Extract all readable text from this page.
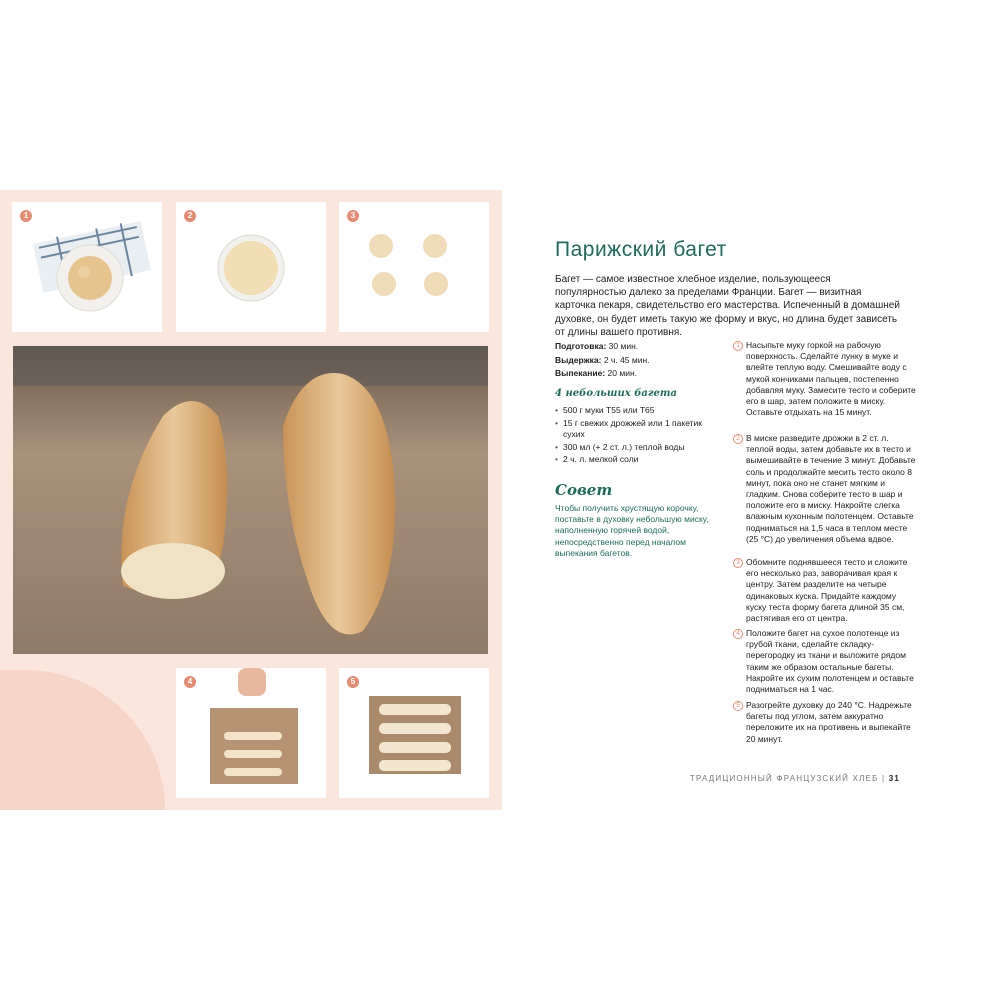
1	2	3
4	5
Парижский багет
Багет — самое известное хлебное изделие, пользующееся популярностью далеко за пределами Франции. Багет — визитная карточка пекаря, свидетельство его мастерства. Испеченный в домашней духовке, он будет иметь такую же форму и вкус, но длина будет зависеть от длины вашего противня.
Подготовка: 30 мин.
Выдержка: 2 ч. 45 мин.
Выпекание: 20 мин.
4 небольших багета
• 500 г муки T55 или T65
• 15 г свежих дрожжей или 1 пакетик сухих
• 300 мл (+ 2 ст. л.) теплой воды
• 2 ч. л. мелкой соли
Совет
Чтобы получить хрустящую корочку, поставьте в духовку небольшую миску, наполненную горячей водой, непосредственно перед началом выпекания багетов.
1 Насыпьте муку горкой на рабочую поверхность. Сделайте лунку в муке и влейте теплую воду. Смешивайте воду с мукой кончиками пальцев, постепенно добавляя муку. Замесите тесто и соберите его в шар, затем положите в миску. Оставьте отдыхать на 15 минут.
2 В миске разведите дрожжи в 2 ст. л. теплой воды, затем добавьте их в тесто и вымешивайте в течение 3 минут. Добавьте соль и продолжайте месить тесто около 8 минут, пока оно не станет мягким и гладким. Снова соберите тесто в шар и положите его в миску. Накройте слегка влажным кухонным полотенцем. Оставьте подниматься на 1,5 часа в теплом месте (25 °C) до увеличения объема вдвое.
3 Обомните поднявшееся тесто и сложите его несколько раз, заворачивая края к центру. Затем разделите на четыре одинаковых куска. Придайте каждому куску теста форму багета длиной 35 см, растягивая его от центра.
4 Положите багет на сухое полотенце из грубой ткани, сделайте складку-перегородку из ткани и выложите рядом таким же образом остальные багеты. Накройте их сухим полотенцем и оставьте подниматься на 1 час.
5 Разогрейте духовку до 240 °C. Надрежьте багеты под углом, затем аккуратно переложите их на противень и выпекайте 20 минут.
ТРАДИЦИОННЫЙ ФРАНЦУЗСКИЙ ХЛЕБ | 31
